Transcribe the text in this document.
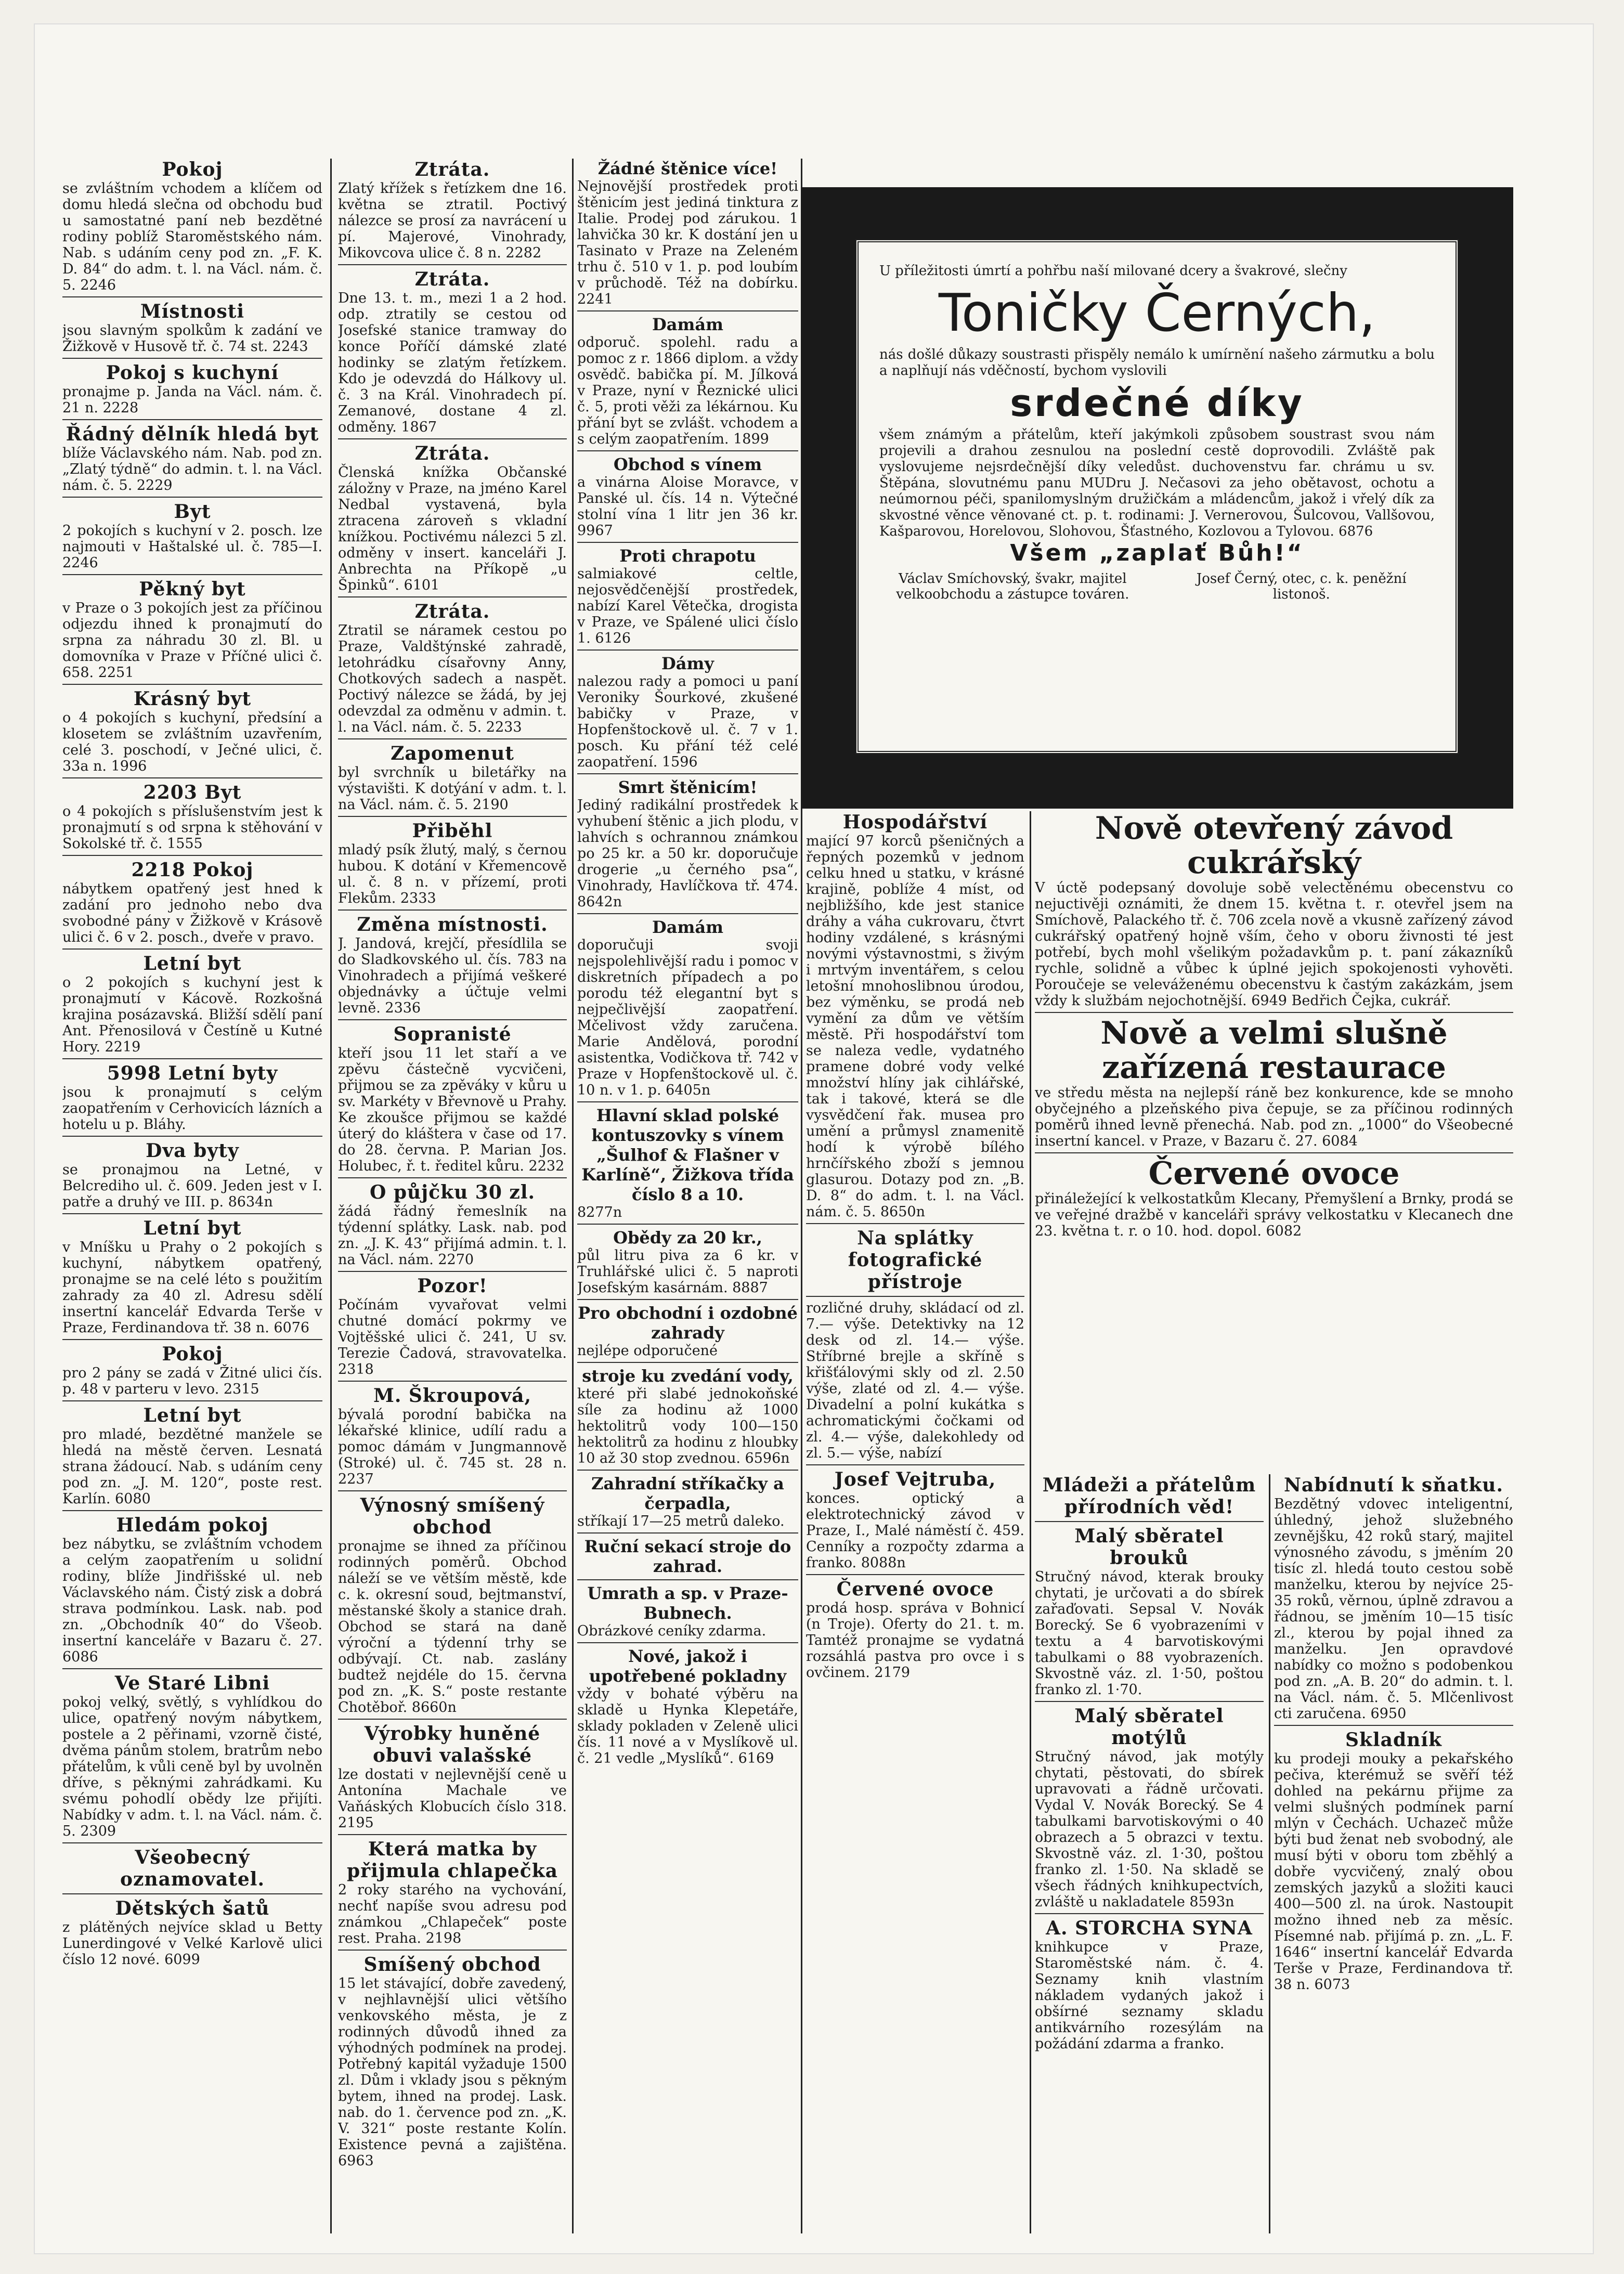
Pokoj
se zvláštním vchodem a klíčem od domu hledá slečna od obchodu buď u samostatné paní neb bezdětné rodiny poblíž Staroměstského nám. Nab. s udáním ceny pod zn. „F. K. D. 84“ do adm. t. l. na Václ. nám. č. 5. 2246
Místnosti
jsou slavným spolkům k zadání ve Žižkově v Husově tř. č. 74 st. 2243
Pokoj s kuchyní
pronajme p. Janda na Václ. nám. č. 21 n. 2228
Řádný dělník hledá byt
blíže Václavského nám. Nab. pod zn. „Zlatý týdně“ do admin. t. l. na Václ. nám. č. 5. 2229
Byt
2 pokojích s kuchyní v 2. posch. lze najmouti v Haštalské ul. č. 785—I. 2246
Pěkný byt
v Praze o 3 pokojích jest za příčinou odjezdu ihned k pronajmutí do srpna za náhradu 30 zl. Bl. u domovníka v Praze v Příčné ulici č. 658. 2251
Krásný byt
o 4 pokojích s kuchyní, předsíní a klosetem se zvláštním uzavřením, celé 3. poschodí, v Ječné ulici, č. 33a n. 1996
2203 Byt
o 4 pokojích s příslušenstvím jest k pronajmutí s od srpna k stěhování v Sokolské tř. č. 1555
2218 Pokoj
nábytkem opatřený jest hned k zadání pro jednoho nebo dva svobodné pány v Žižkově v Krásově ulici č. 6 v 2. posch., dveře v pravo.
Letní byt
o 2 pokojích s kuchyní jest k pronajmutí v Kácově. Rozkošná krajina posázavská. Bližší sdělí paní Ant. Přenosilová v Čestíně u Kutné Hory. 2219
5998 Letní byty
jsou k pronajmutí s celým zaopatřením v Cerhovicích lázních a hotelu u p. Bláhy.
Dva byty
se pronajmou na Letné, v Belcrediho ul. č. 609. Jeden jest v I. patře a druhý ve III. p. 8634n
Letní byt
v Mníšku u Prahy o 2 pokojích s kuchyní, nábytkem opatřený, pronajme se na celé léto s použitím zahrady za 40 zl. Adresu sdělí insertní kancelář Edvarda Terše v Praze, Ferdinandova tř. 38 n. 6076
Pokoj
pro 2 pány se zadá v Žitné ulici čís. p. 48 v parteru v levo. 2315
Letní byt
pro mladé, bezdětné manžele se hledá na městě červen. Lesnatá strana žádoucí. Nab. s udáním ceny pod zn. „J. M. 120“, poste rest. Karlín. 6080
Hledám pokoj
bez nábytku, se zvláštním vchodem a celým zaopatřením u solidní rodiny, blíže Jindřišské ul. neb Václavského nám. Čistý zisk a dobrá strava podmínkou. Lask. nab. pod zn. „Obchodník 40“ do Všeob. insertní kanceláře v Bazaru č. 27. 6086
Ve Staré Libni
pokoj velký, světlý, s vyhlídkou do ulice, opatřený novým nábytkem, postele a 2 pěřinami, vzorně čisté, dvěma pánům stolem, bratrům nebo přátelům, k vůli ceně byl by uvolněn dříve, s pěknými zahrádkami. Ku svému pohodlí obědy lze přijíti. Nabídky v adm. t. l. na Václ. nám. č. 5. 2309
Všeobecný oznamovatel.
Dětských šatů
z plátěných nejvíce sklad u Betty Lunerdingové v Velké Karlově ulici číslo 12 nové. 6099
Ztráta.
Zlatý křížek s řetízkem dne 16. května se ztratil. Poctivý nálezce se prosí za navrácení u pí. Majerové, Vinohrady, Mikovcova ulice č. 8 n. 2282
Ztráta.
Dne 13. t. m., mezi 1 a 2 hod. odp. ztratily se cestou od Josefské stanice tramway do konce Poříčí dámské zlaté hodinky se zlatým řetízkem. Kdo je odevzdá do Hálkovy ul. č. 3 na Král. Vinohradech pí. Zemanové, dostane 4 zl. odměny. 1867
Ztráta.
Členská knížka Občanské záložny v Praze, na jméno Karel Nedbal vystavená, byla ztracena zároveň s vkladní knížkou. Poctivému nálezci 5 zl. odměny v insert. kanceláři J. Anbrechta na Příkopě „u Špinků“. 6101
Ztráta.
Ztratil se náramek cestou po Praze, Valdštýnské zahradě, letohrádku císařovny Anny, Chotkových sadech a naspět. Poctivý nálezce se žádá, by jej odevzdal za odměnu v admin. t. l. na Václ. nám. č. 5. 2233
Zapomenut
byl svrchník u biletářky na výstavišti. K dotýání v adm. t. l. na Václ. nám. č. 5. 2190
Přiběhl
mladý psík žlutý, malý, s černou hubou. K dotání v Křemencově ul. č. 8 n. v přízemí, proti Flekům. 2333
Změna místnosti.
J. Jandová, krejčí, přesídlila se do Sladkovského ul. čís. 783 na Vinohradech a přijímá veškeré objednávky a účtuje velmi levně. 2336
Sopranisté
kteří jsou 11 let staří a ve zpěvu částečně vycvičeni, přijmou se za zpěváky v kůru u sv. Markéty v Břevnově u Prahy. Ke zkoušce přijmou se každé úterý do kláštera v čase od 17. do 28. června. P. Marian Jos. Holubec, ř. t. ředitel kůru. 2232
O půjčku 30 zl.
žádá řádný řemeslník na týdenní splátky. Lask. nab. pod zn. „J. K. 43“ přijímá admin. t. l. na Václ. nám. 2270
Pozor!
Počínám vyvařovat velmi chutné domácí pokrmy ve Vojtěšské ulici č. 241, U sv. Terezie Čadová, stravovatelka. 2318
M. Škroupová,
bývalá porodní babička na lékařské klinice, udílí radu a pomoc dámám v Jungmannově (Stroké) ul. č. 745 st. 28 n. 2237
Výnosný smíšený obchod
pronajme se ihned za příčinou rodinných poměrů. Obchod náleží se ve větším městě, kde c. k. okresní soud, bejtmanství, městanské školy a stanice drah. Obchod se stará na daně výroční a týdenní trhy se odbývají. Ct. nab. zaslány budtež nejdéle do 15. června pod zn. „K. S.“ poste restante Chotěboř. 8660n
Výrobky huněné obuvi valašské
lze dostati v nejlevnější ceně u Antonína Machale ve Vaňáských Klobucích číslo 318. 2195
Která matka by přijmula chlapečka
2 roky starého na vychování, nechť napíše svou adresu pod známkou „Chlapeček“ poste rest. Praha. 2198
Smíšený obchod
15 let stávající, dobře zavedený, v nejhlavnější ulici většího venkovského města, je z rodinných důvodů ihned za výhodných podmínek na prodej. Potřebný kapitál vyžaduje 1500 zl. Dům i vklady jsou s pěkným bytem, ihned na prodej. Lask. nab. do 1. července pod zn. „K. V. 321“ poste restante Kolín. Existence pevná a zajištěna. 6963
Žádné štěnice více!
Nejnovější prostředek proti štěnicím jest jediná tinktura z Italie. Prodej pod zárukou. 1 lahvička 30 kr. K dostání jen u Tasinato v Praze na Zeleném trhu č. 510 v 1. p. pod loubím v průchodě. Též na dobírku. 2241
Damám
odporuč. spolehl. radu a pomoc z r. 1866 diplom. a vždy osvědč. babička pí. M. Jílková v Praze, nyní v Řeznické ulici č. 5, proti věži za lékárnou. Ku přání byt se zvlášt. vchodem a s celým zaopatřením. 1899
Obchod s vínem
a vinárna Aloise Moravce, v Panské ul. čís. 14 n. Výtečné stolní vína 1 litr jen 36 kr. 9967
Proti chrapotu
salmiakové celtle, nejosvědčenější prostředek, nabízí Karel Větečka, drogista v Praze, ve Spálené ulici číslo 1. 6126
Dámy
nalezou rady a pomoci u paní Veroniky Šourkové, zkušené babičky v Praze, v Hopfenštockově ul. č. 7 v 1. posch. Ku přání též celé zaopatření. 1596
Smrt štěnicím!
Jediný radikální prostředek k vyhubení štěnic a jich plodu, v lahvích s ochrannou známkou po 25 kr. a 50 kr. doporučuje drogerie „u černého psa“, Vinohrady, Havlíčkova tř. 474. 8642n
Damám
doporučuji svoji nejspolehlivější radu i pomoc v diskretních případech a po porodu též elegantní byt s nejpečlivější zaopatření. Mčelivost vždy zaručena. Marie Andělová, porodní asistentka, Vodičkova tř. 742 v Praze v Hopfenštockově ul. č. 10 n. v 1. p. 6405n
Hlavní sklad polské kontuszovky s vínem „Šulhof & Flašner v Karlíně“, Žižkova třída číslo 8 a 10.
8277n
Obědy za 20 kr.,
půl litru piva za 6 kr. v Truhlářské ulici č. 5 naproti Josefským kasárnám. 8887
Pro obchodní i ozdobné zahrady
nejlépe odporučené
stroje ku zvedání vody,
které při slabé jednokoňské síle za hodinu až 1000 hektolitrů vody 100—150 hektolitrů za hodinu z hloubky 10 až 30 stop zvednou. 6596n
Zahradní stříkačky a čerpadla,
stříkají 17—25 metrů daleko.
Ruční sekací stroje do zahrad.
Umrath a sp. v Praze-Bubnech.
Obrázkové ceníky zdarma.
Nové, jakož i upotřebené pokladny
vždy v bohaté výběru na skladě u Hynka Klepetáře, sklady pokladen v Zeleně ulici čís. 11 nové a v Myslíkově ul. č. 21 vedle „Myslíků“. 6169
U příležitosti úmrtí a pohřbu naší milované dcery a švakrové, slečny
Toničky Černých,
nás došlé důkazy soustrasti přispěly nemálo k umírnění našeho zármutku a bolu a naplňují nás vděčností, bychom vyslovili
srdečné díky
všem známým a přátelům, kteří jakýmkoli způsobem soustrast svou nám projevili a drahou zesnulou na poslední cestě doprovodili. Zvláště pak vyslovujeme nejsrdečnější díky veledůst. duchovenstvu far. chrámu u sv. Štěpána, slovutnému panu MUDru J. Nečasovi za jeho obětavost, ochotu a neúmornou péči, spanilomyslným družičkám a mládencům, jakož i vřelý dík za skvostné věnce věnované ct. p. t. rodinami: J. Vernerovou, Šulcovou, Vallšovou, Kašparovou, Horelovou, Slohovou, Šťastného, Kozlovou a Tylovou. 6876
Všem „zaplať Bůh!“
Václav Smíchovský, švakr, majitel velkoobchodu a zástupce továren.
Josef Černý, otec, c. k. peněžní listonoš.
Hospodářství
mající 97 korců pšeničných a řepných pozemků v jednom celku hned u statku, v krásné krajině, poblíže 4 míst, od nejbližšího, kde jest stanice dráhy a váha cukrovaru, čtvrt hodiny vzdálené, s krásnými novými výstavnostmi, s živým i mrtvým inventářem, s celou letošní mnohoslibnou úrodou, bez výměnku, se prodá neb vymění za dům ve větším městě. Při hospodářství tom se naleza vedle, vydatného pramene dobré vody velké množství hlíny jak cihlářské, tak i takové, která se dle vysvědčení řak. musea pro umění a průmysl znamenitě hodí k výrobě bílého hrnčířského zboží s jemnou glasurou. Dotazy pod zn. „B. D. 8“ do adm. t. l. na Václ. nám. č. 5. 8650n
Na splátky fotografické přístroje
rozličné druhy, skládací od zl. 7.— výše. Detektivky na 12 desk od zl. 14.— výše. Stříbrné brejle a skříně s křišťálovými skly od zl. 2.50 výše, zlaté od zl. 4.— výše. Divadelní a polní kukátka s achromatickými čočkami od zl. 4.— výše, dalekohledy od zl. 5.— výše, nabízí
Josef Vejtruba,
konces. optický a elektrotechnický závod v Praze, I., Malé náměstí č. 459. Cenníky a rozpočty zdarma a franko. 8088n
Červené ovoce
prodá hosp. správa v Bohnicí (n Troje). Oferty do 21. t. m. Tamtéž pronajme se vydatná rozsáhlá pastva pro ovce i s ovčinem. 2179
Nově otevřený závod cukrářský
V úctě podepsaný dovoluje sobě velectěnému obecenstvu co nejuctivěji oznámiti, že dnem 15. května t. r. otevřel jsem na Smíchově, Palackého tř. č. 706 zcela nově a vkusně zařízený závod cukrářský opatřený hojně vším, čeho v oboru živnosti té jest potřebí, bych mohl všelikým požadavkům p. t. paní zákazníků rychle, solidně a vůbec k úplné jejich spokojenosti vyhověti. Poroučeje se veleváženému obecenstvu k častým zakázkám, jsem vždy k službám nejochotnější. 6949 Bedřich Čejka, cukrář.
Nově a velmi slušně zařízená restaurace
ve středu města na nejlepší ráně bez konkurence, kde se mnoho obyčejného a plzeňského piva čepuje, se za příčinou rodinných poměrů ihned levně přenechá. Nab. pod zn. „1000“ do Všeobecné insertní kancel. v Praze, v Bazaru č. 27. 6084
Červené ovoce
přináležející k velkostatkům Klecany, Přemyšlení a Brnky, prodá se ve veřejné dražbě v kanceláři správy velkostatku v Klecanech dne 23. května t. r. o 10. hod. dopol. 6082
Mládeži a přátelům přírodních věd!
Malý sběratel brouků
Stručný návod, kterak brouky chytati, je určovati a do sbírek zařaďovati. Sepsal V. Novák Borecký. Se 6 vyobrazeními v textu a 4 barvotiskovými tabulkami o 88 vyobrazeních. Skvostně váz. zl. 1·50, poštou franko zl. 1·70.
Malý sběratel motýlů
Stručný návod, jak motýly chytati, pěstovati, do sbírek upravovati a řádně určovati. Vydal V. Novák Borecký. Se 4 tabulkami barvotiskovými o 40 obrazech a 5 obrazci v textu. Skvostně váz. zl. 1·30, poštou franko zl. 1·50. Na skladě se všech řádných knihkupectvích, zvláště u nakladatele 8593n
A. STORCHA SYNA
knihkupce v Praze, Staroměstské nám. č. 4. Seznamy knih vlastním nákladem vydaných jakož i obšírné seznamy skladu antikvárního rozesýlám na požádání zdarma a franko.
Nabídnutí k sňatku.
Bezdětný vdovec inteligentní, úhledný, jehož služebného zevnějšku, 42 roků starý, majitel výnosného závodu, s jměním 20 tisíc zl. hledá touto cestou sobě manželku, kterou by nejvíce 25-35 roků, věrnou, úplně zdravou a řádnou, se jměním 10—15 tisíc zl., kterou by pojal ihned za manželku. Jen opravdové nabídky co možno s podobenkou pod zn. „A. B. 20“ do admin. t. l. na Václ. nám. č. 5. Mlčenlivost cti zaručena. 6950
Skladník
ku prodeji mouky a pekařského pečiva, kterémuž se svěří též dohled na pekárnu přijme za velmi slušných podmínek parní mlýn v Čechách. Uchazeč může býti bud ženat neb svobodný, ale musí býti v oboru tom zběhlý a dobře vycvičený, znalý obou zemských jazyků a složiti kauci 400—500 zl. na úrok. Nastoupit možno ihned neb za měsíc. Písemné nab. přijímá p. zn. „L. F. 1646“ insertní kancelář Edvarda Terše v Praze, Ferdinandova tř. 38 n. 6073
